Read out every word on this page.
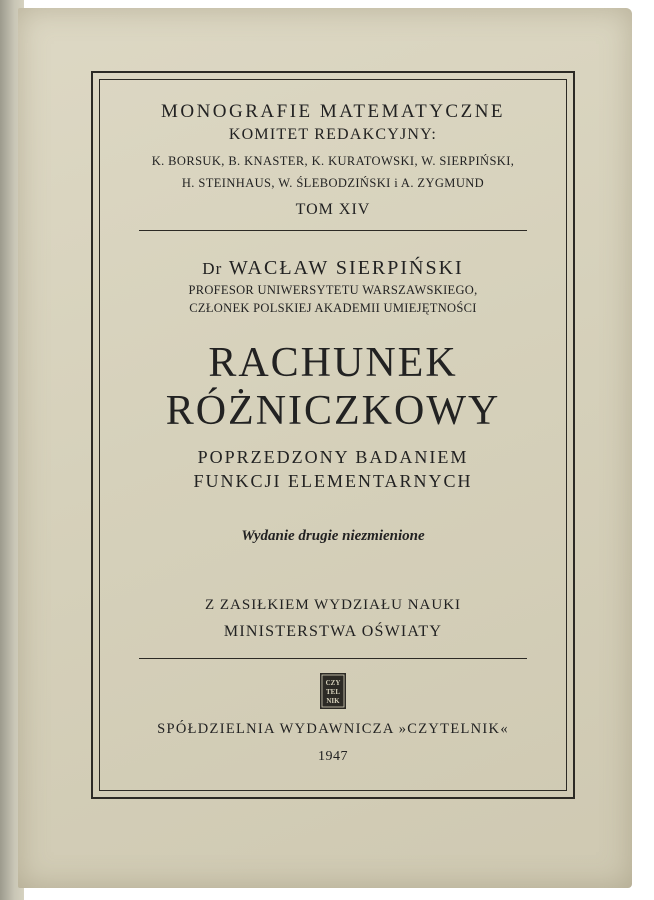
MONOGRAFIE MATEMATYCZNE
KOMITET REDAKCYJNY:
K. BORSUK, B. KNASTER, K. KURATOWSKI, W. SIERPIŃSKI,
H. STEINHAUS, W. ŚLEBODZIŃSKI i A. ZYGMUND
TOM XIV
Dr WACŁAW SIERPIŃSKI
PROFESOR UNIWERSYTETU WARSZAWSKIEGO,
CZŁONEK POLSKIEJ AKADEMII UMIEJĘTNOŚCI
RACHUNEK
RÓŻNICZKOWY
POPRZEDZONY BADANIEM
FUNKCJI ELEMENTARNYCH
Wydanie drugie niezmienione
Z ZASIŁKIEM WYDZIAŁU NAUKI
MINISTERSTWA OŚWIATY
CZY
TEL
NIK
SPÓŁDZIELNIA WYDAWNICZA »CZYTELNIK«
1947
